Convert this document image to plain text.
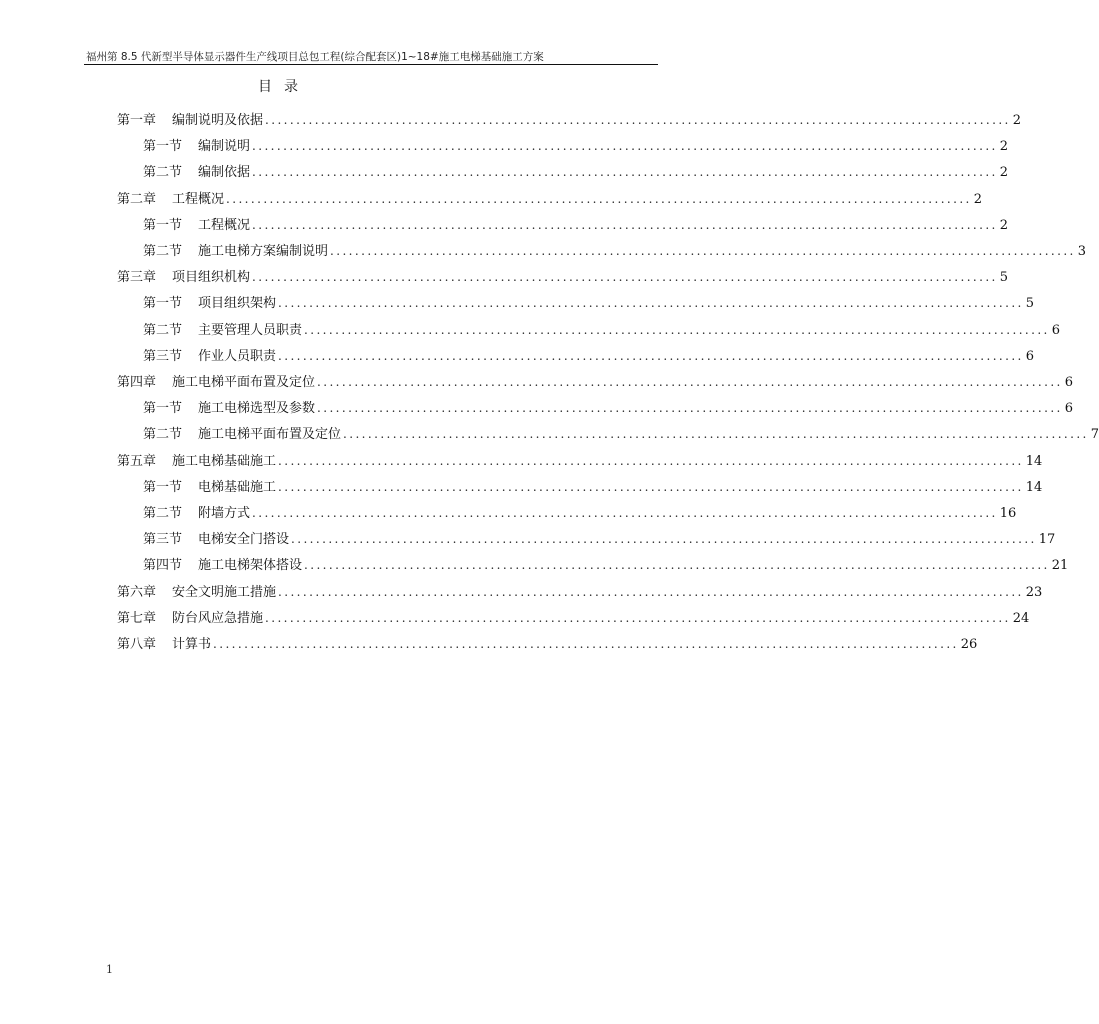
福州第 8.5 代新型半导体显示器件生产线项目总包工程(综合配套区)1~18#施工电梯基础施工方案
目录
第一章 编制说明及依据 ........................................................................................................................ 2
第一节 编制说明 ........................................................................................................................ 2
第二节 编制依据 ........................................................................................................................ 2
第二章 工程概况 ........................................................................................................................ 2
第一节 工程概况 ........................................................................................................................ 2
第二节 施工电梯方案编制说明 ........................................................................................................................ 3
第三章 项目组织机构 ........................................................................................................................ 5
第一节 项目组织架构 ........................................................................................................................ 5
第二节 主要管理人员职责 ........................................................................................................................ 6
第三节 作业人员职责 ........................................................................................................................ 6
第四章 施工电梯平面布置及定位 ........................................................................................................................ 6
第一节 施工电梯选型及参数 ........................................................................................................................ 6
第二节 施工电梯平面布置及定位 ........................................................................................................................ 7
第五章 施工电梯基础施工 ........................................................................................................................ 14
第一节 电梯基础施工 ........................................................................................................................ 14
第二节 附墙方式 ........................................................................................................................ 16
第三节 电梯安全门搭设 ........................................................................................................................ 17
第四节 施工电梯架体搭设 ........................................................................................................................ 21
第六章 安全文明施工措施 ........................................................................................................................ 23
第七章 防台风应急措施 ........................................................................................................................ 24
第八章 计算书 ........................................................................................................................ 26
1
